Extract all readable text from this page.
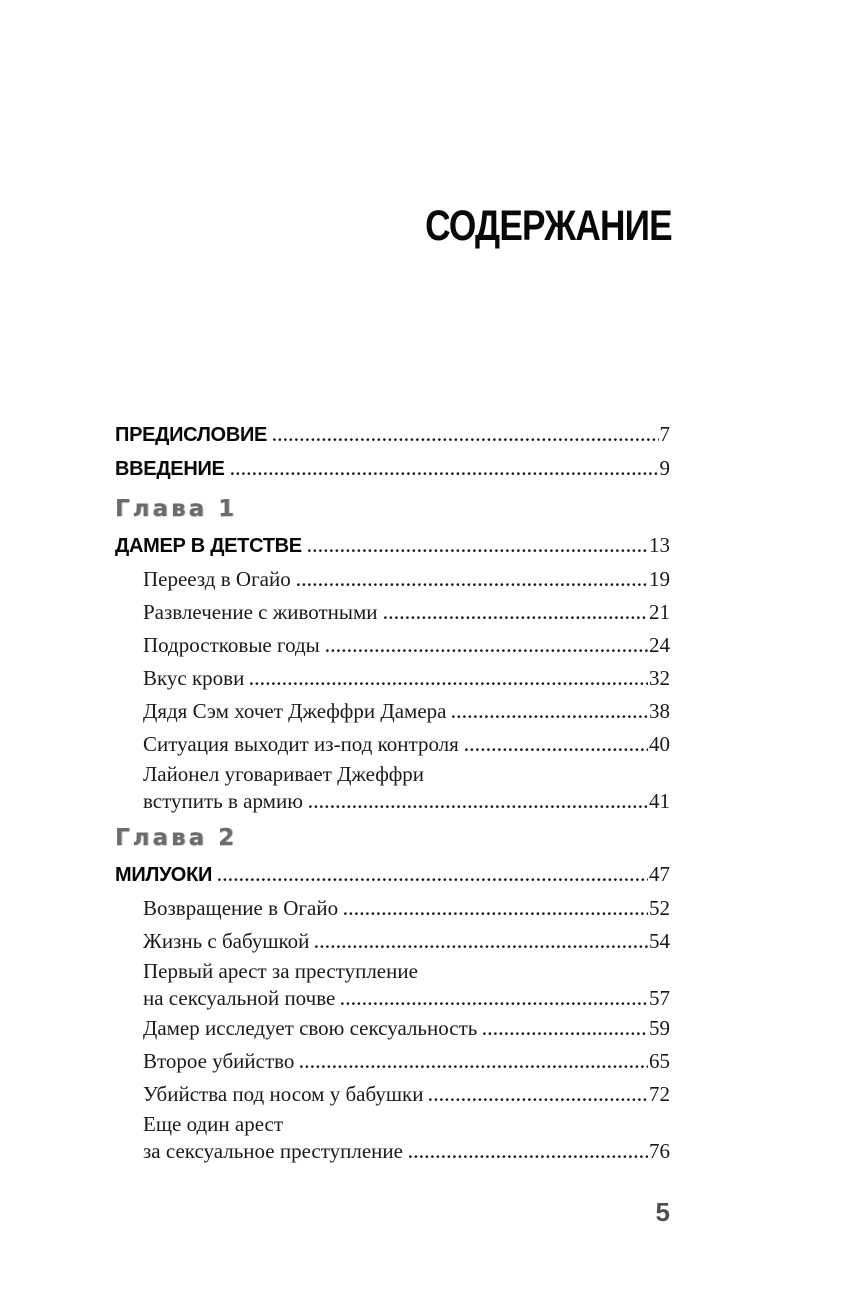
СОДЕРЖАНИЕ
ПРЕДИСЛОВИЕ	7
ВВЕДЕНИЕ	9
Глава 1
ДАМЕР В ДЕТСТВЕ	13
Переезд в Огайо	19
Развлечение с животными	21
Подростковые годы	24
Вкус крови	32
Дядя Сэм хочет Джеффри Дамера	38
Ситуация выходит из-под контроля	40
Лайонел уговаривает Джеффри
вступить в армию	41
Глава 2
МИЛУОКИ	47
Возвращение в Огайо	52
Жизнь с бабушкой	54
Первый арест за преступление
на сексуальной почве	57
Дамер исследует свою сексуальность	59
Второе убийство	65
Убийства под носом у бабушки	72
Еще один арест
за сексуальное преступление	76
5
